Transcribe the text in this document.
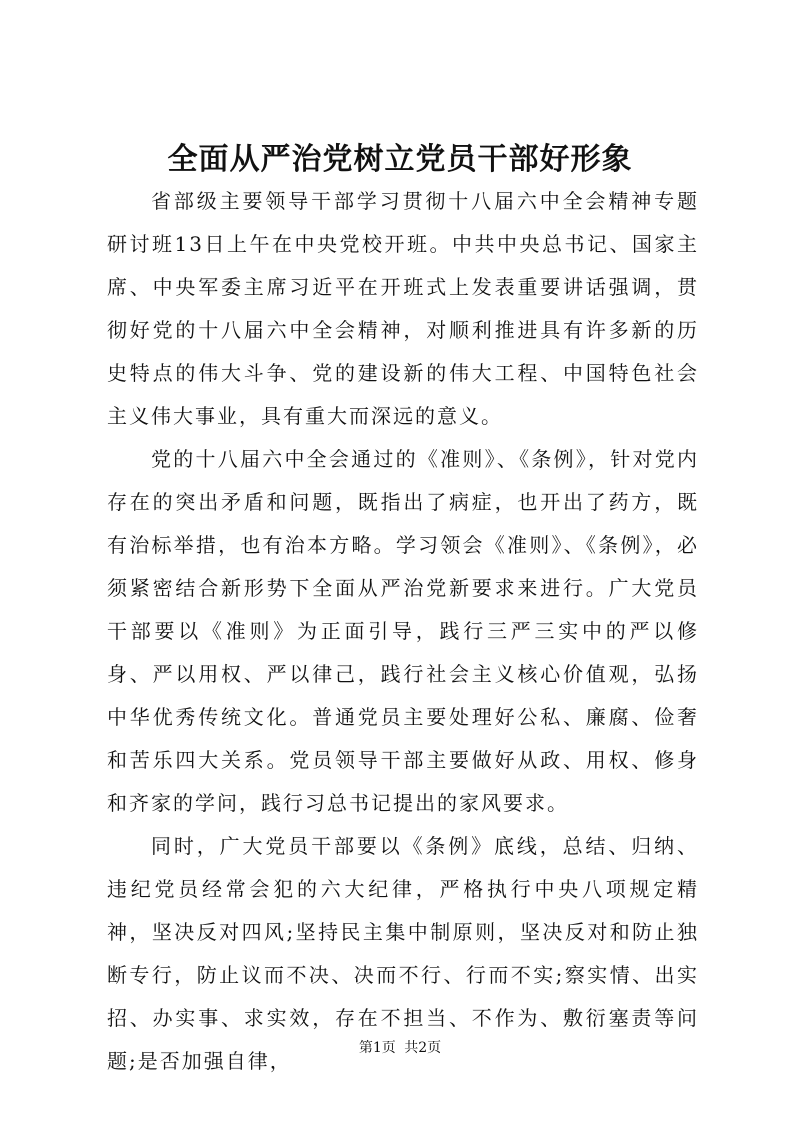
全面从严治党树立党员干部好形象

省部级主要领导干部学习贯彻十八届六中全会精神专题研讨班13日上午在中央党校开班。中共中央总书记、国家主席、中央军委主席习近平在开班式上发表重要讲话强调，贯彻好党的十八届六中全会精神，对顺利推进具有许多新的历史特点的伟大斗争、党的建设新的伟大工程、中国特色社会主义伟大事业，具有重大而深远的意义。

党的十八届六中全会通过的《准则》、《条例》，针对党内存在的突出矛盾和问题，既指出了病症，也开出了药方，既有治标举措，也有治本方略。学习领会《准则》、《条例》，必须紧密结合新形势下全面从严治党新要求来进行。广大党员干部要以《准则》为正面引导，践行三严三实中的严以修身、严以用权、严以律己，践行社会主义核心价值观，弘扬中华优秀传统文化。普通党员主要处理好公私、廉腐、俭奢和苦乐四大关系。党员领导干部主要做好从政、用权、修身和齐家的学问，践行习总书记提出的家风要求。

同时，广大党员干部要以《条例》底线，总结、归纳、违纪党员经常会犯的六大纪律，严格执行中央八项规定精神，坚决反对四风;坚持民主集中制原则，坚决反对和防止独断专行，防止议而不决、决而不行、行而不实;察实情、出实招、办实事、求实效，存在不担当、不作为、敷衍塞责等问题;是否加强自律，

第1页 共2页
